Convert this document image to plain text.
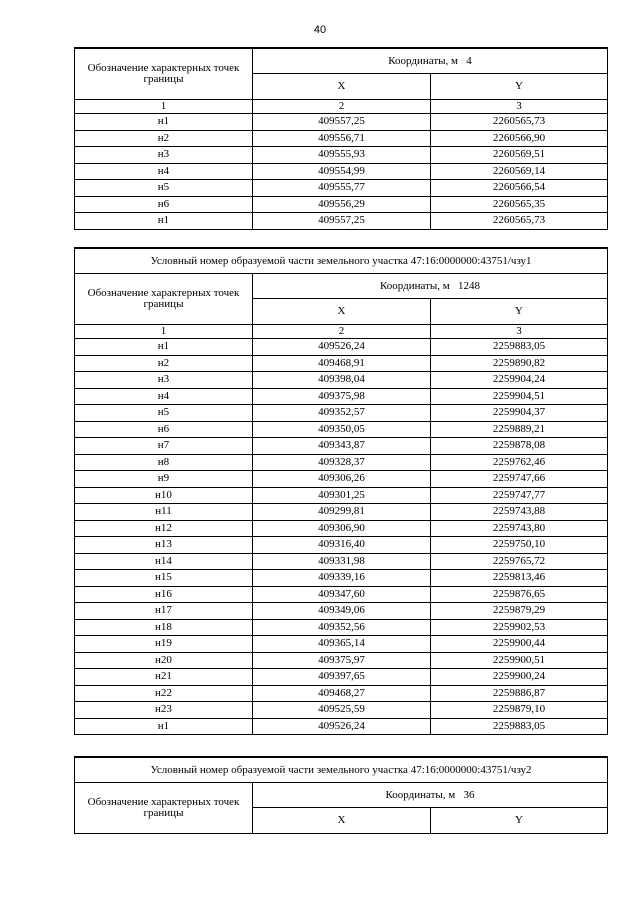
40
Обозначение характерных точек границы	Координаты, м 4	
	X	Y
1	2	3
н1	409557,25	2260565,73
н2	409556,71	2260566,90
н3	409555,93	2260569,51
н4	409554,99	2260569,14
н5	409555,77	2260566,54
н6	409556,29	2260565,35
н1	409557,25	2260565,73
Условный номер образуемой части земельного участка 47:16:0000000:43751/чзу1		
Обозначение характерных точек границы	Координаты, м 1248	
	X	Y
1	2	3
н1	409526,24	2259883,05
н2	409468,91	2259890,82
н3	409398,04	2259904,24
н4	409375,98	2259904,51
н5	409352,57	2259904,37
н6	409350,05	2259889,21
н7	409343,87	2259878,08
н8	409328,37	2259762,46
н9	409306,26	2259747,66
н10	409301,25	2259747,77
н11	409299,81	2259743,88
н12	409306,90	2259743,80
н13	409316,40	2259750,10
н14	409331,98	2259765,72
н15	409339,16	2259813,46
н16	409347,60	2259876,65
н17	409349,06	2259879,29
н18	409352,56	2259902,53
н19	409365,14	2259900,44
н20	409375,97	2259900,51
н21	409397,65	2259900,24
н22	409468,27	2259886,87
н23	409525,59	2259879,10
н1	409526,24	2259883,05
Условный номер образуемой части земельного участка 47:16:0000000:43751/чзу2		
Обозначение характерных точек границы	Координаты, м 36	
	X	Y
